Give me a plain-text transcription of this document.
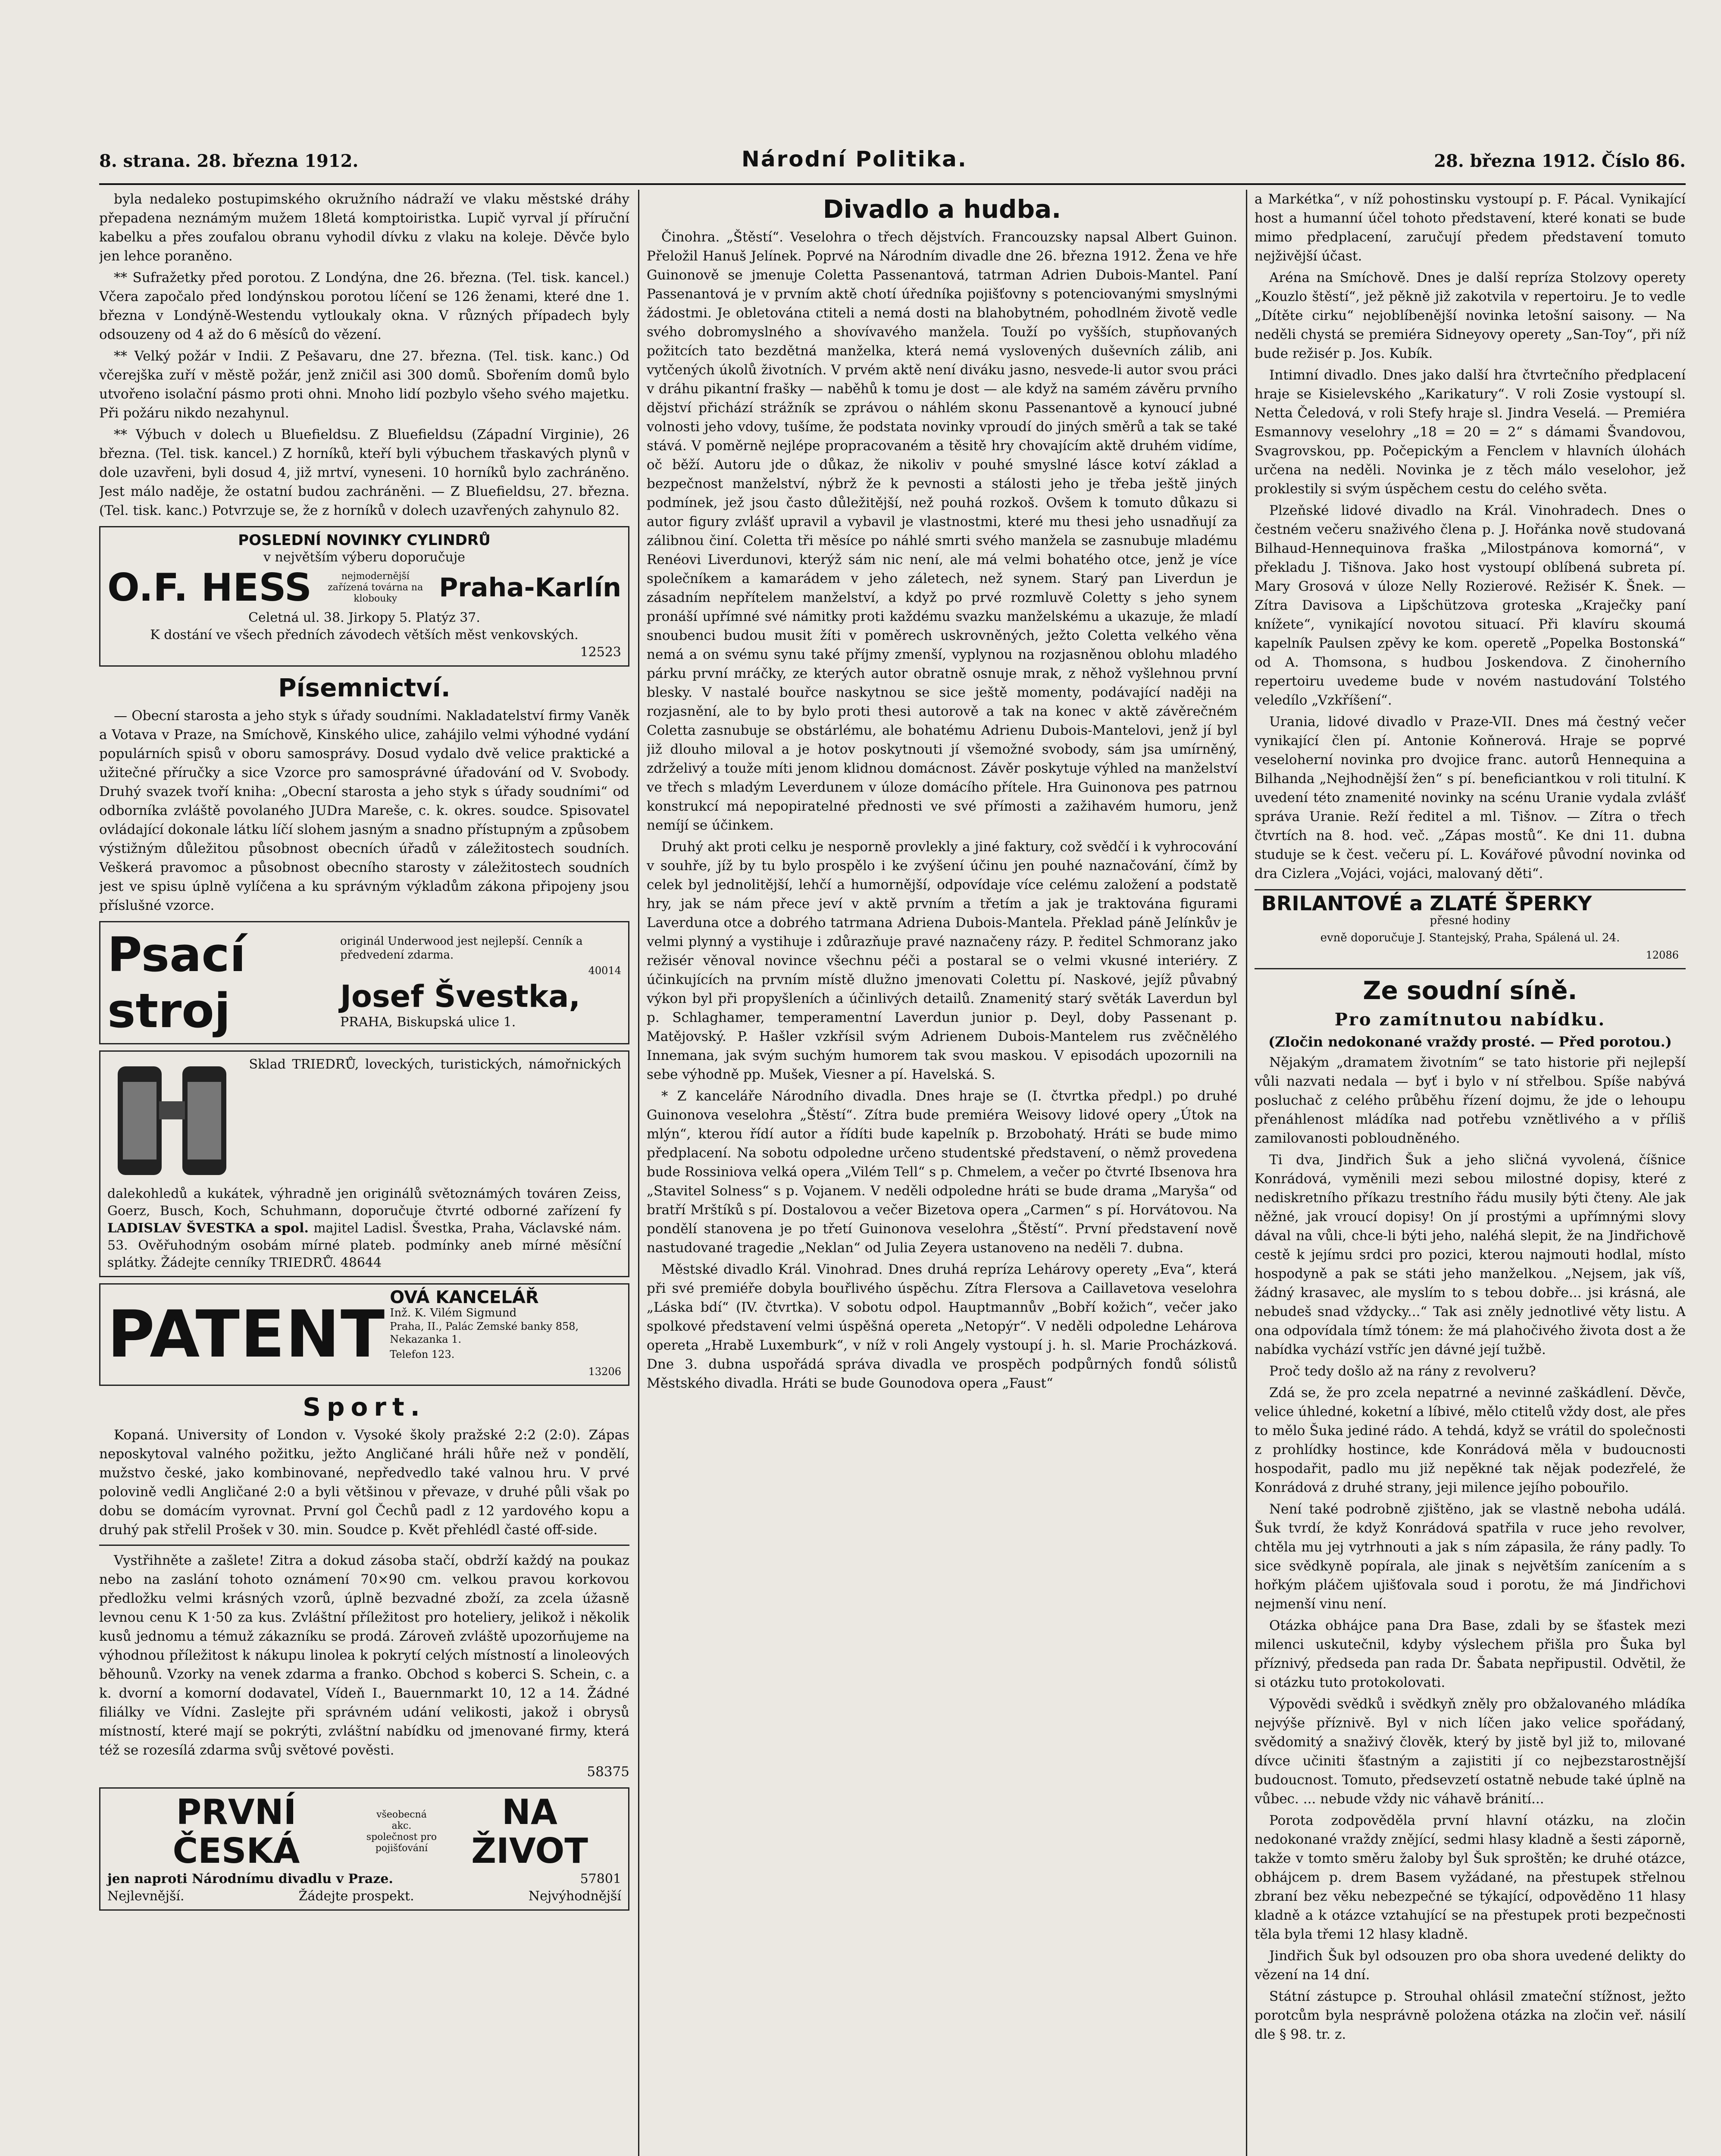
8. strana. 28. března 1912.	Národní Politika.	28. března 1912. Číslo 86.

byla nedaleko postupimského okružního nádraží ve vlaku městské dráhy přepadena neznámým mužem 18letá komptoiristka. Lupič vyrval jí příruční kabelku a přes zoufalou obranu vyhodil dívku z vlaku na koleje. Děvče bylo jen lehce poraněno.

** Sufražetky před porotou. Z Londýna, dne 26. března. (Tel. tisk. kancel.) Včera započalo před londýnskou porotou líčení se 126 ženami, které dne 1. března v Londýně-Westendu vytloukaly okna. V různých případech byly odsouzeny od 4 až do 6 měsíců do vězení.

** Velký požár v Indii. Z Pešavaru, dne 27. března. (Tel. tisk. kanc.) Od včerejška zuří v městě požár, jenž zničil asi 300 domů. Sbořením domů bylo utvořeno isolační pásmo proti ohni. Mnoho lidí pozbylo všeho svého majetku. Při požáru nikdo nezahynul.

** Výbuch v dolech u Bluefieldsu. Z Bluefieldsu (Západní Virginie), 26 března. (Tel. tisk. kancel.) Z horníků, kteří byli výbuchem třaskavých plynů v dole uzavřeni, byli dosud 4, již mrtví, vyneseni. 10 horníků bylo zachráněno. Jest málo naděje, že ostatní budou zachráněni. — Z Bluefieldsu, 27. března. (Tel. tisk. kanc.) Potvrzuje se, že z horníků v dolech uzavřených zahynulo 82.

POSLEDNÍ NOVINKY CYLINDRŮ
v největším výberu doporučuje
O.F. HESS	nejmodernější zařízená továrna na klobouky	Praha-Karlín
Celetná ul. 38. Jirkopy 5. Platýz 37.
K dostání ve všech předních závodech větších měst venkovských.
12523
Písemnictví.

— Obecní starosta a jeho styk s úřady soudními. Nakladatelství firmy Vaněk a Votava v Praze, na Smíchově, Kinského ulice, zahájilo velmi výhodné vydání populárních spisů v oboru samosprávy. Dosud vydalo dvě velice praktické a užitečné příručky a sice Vzorce pro samosprávné úřadování od V. Svobody. Druhý svazek tvoří kniha: „Obecní starosta a jeho styk s úřady soudními“ od odborníka zvláště povolaného JUDra Mareše, c. k. okres. soudce. Spisovatel ovládající dokonale látku líčí slohem jasným a snadno přístupným a způsobem výstižným důležitou působnost obecních úřadů v záležitostech soudních. Veškerá pravomoc a působnost obecního starosty v záležitostech soudních jest ve spisu úplně vylíčena a ku správným výkladům zákona připojeny jsou příslušné vzorce.

Psací stroj
originál Underwood jest nejlepší. Cenník a předvedení zdarma.
40014
Josef Švestka,
PRAHA, Biskupská ulice 1.
Sklad TRIEDRŮ, loveckých, turistických, námořnických dalekohledů a kukátek, výhradně jen originálů světoznámých továren Zeiss, Goerz, Busch, Koch, Schuhmann, doporučuje čtvrté odborné zařízení fy LADISLAV ŠVESTKA a spol. majitel Ladisl. Švestka, Praha, Václavské nám. 53. Ověřuhodným osobám mírné plateb. podmínky aneb mírné měsíční splátky. Žádejte cenníky TRIEDRŮ. 48644
PATENT OVÁ KANCELÁŘ
Inž. K. Vilém Sigmund
Praha, II., Palác Zemské banky 858, Nekazanka 1.
Telefon 123.
13206
Sport.

Kopaná. University of London v. Vysoké školy pražské 2:2 (2:0). Zápas neposkytoval valného požitku, ježto Angličané hráli hůře než v pondělí, mužstvo české, jako kombinované, nepředvedlo také valnou hru. V prvé polovině vedli Angličané 2:0 a byli většinou v převaze, v druhé půli však po dobu se domácím vyrovnat. První gol Čechů padl z 12 yardového kopu a druhý pak střelil Prošek v 30. min. Soudce p. Květ přehlédl časté off-side.

Vystřihněte a zašlete! Zitra a dokud zásoba stačí, obdrží každý na poukaz nebo na zaslání tohoto oznámení 70×90 cm. velkou pravou korkovou předložku velmi krásných vzorů, úplně bezvadné zboží, za zcela úžasně levnou cenu K 1·50 za kus. Zvláštní příležitost pro hoteliery, jelikož i několik kusů jednomu a témuž zákazníku se prodá. Zároveň zvláště upozorňujeme na výhodnou příležitost k nákupu linolea k pokrytí celých místností a linoleových běhounů. Vzorky na venek zdarma a franko. Obchod s koberci S. Schein, c. a k. dvorní a komorní dodavatel, Vídeň I., Bauernmarkt 10, 12 a 14. Žádné filiálky ve Vídni. Zaslejte při správném udání velikosti, jakož i obrysů místností, které mají se pokrýti, zvláštní nabídku od jmenované firmy, která též se rozesílá zdarma svůj světové pověsti.

58375
PRVNÍ ČESKÁ
všeobecná akc. společnost pro pojišťování
NA ŽIVOT
jen naproti Národnímu divadlu v Praze.	57801
Nejlevnější.	Žádejte prospekt.	Nejvýhodnější
Divadlo a hudba.

Činohra. „Štěstí“. Veselohra o třech dějstvích. Francouzsky napsal Albert Guinon. Přeložil Hanuš Jelínek. Poprvé na Národním divadle dne 26. března 1912. Žena ve hře Guinonově se jmenuje Coletta Passenantová, tatrman Adrien Dubois-Mantel. Paní Passenantová je v prvním aktě chotí úředníka pojišťovny s potenciovanými smyslnými žádostmi. Je obletována ctiteli a nemá dosti na blahobytném, pohodlném životě vedle svého dobromyslného a shovívavého manžela. Touží po vyšších, stupňovaných požitcích tato bezdětná manželka, která nemá vyslovených duševních zálib, ani vytčených úkolů životních. V prvém aktě není diváku jasno, nesvede-li autor svou práci v dráhu pikantní frašky — naběhů k tomu je dost — ale když na samém závěru prvního dějství přichází strážník se zprávou o náhlém skonu Passenantově a kynoucí jubné volnosti jeho vdovy, tušíme, že podstata novinky vproudí do jiných směrů a tak se také stává. V poměrně nejlépe propracovaném a těsitě hry chovajícím aktě druhém vidíme, oč běží. Autoru jde o důkaz, že nikoliv v pouhé smyslné lásce kotví základ a bezpečnost manželství, nýbrž že k pevnosti a stálosti jeho je třeba ještě jiných podmínek, jež jsou často důležitější, než pouhá rozkoš. Ovšem k tomuto důkazu si autor figury zvlášť upravil a vybavil je vlastnostmi, které mu thesi jeho usnadňují za zálibnou činí. Coletta tři měsíce po náhlé smrti svého manžela se zasnubuje mladému Renéovi Liverdunovi, kterýž sám nic není, ale má velmi bohatého otce, jenž je více společníkem a kamarádem v jeho záletech, než synem. Starý pan Liverdun je zásadním nepřítelem manželství, a když po prvé rozmluvě Coletty s jeho synem pronáší upřímné své námitky proti každému svazku manželskému a ukazuje, že mladí snoubenci budou musit žíti v poměrech uskrovněných, ježto Coletta velkého věna nemá a on svému synu také příjmy zmenší, vyplynou na rozjasněnou oblohu mladého párku první mráčky, ze kterých autor obratně osnuje mrak, z něhož vyšlehnou první blesky. V nastalé bouřce naskytnou se sice ještě momenty, podávající naději na rozjasnění, ale to by bylo proti thesi autorově a tak na konec v aktě závěrečném Coletta zasnubuje se obstárlému, ale bohatému Adrienu Dubois-Mantelovi, jenž jí byl již dlouho miloval a je hotov poskytnouti jí všemožné svobody, sám jsa umírněný, zdrželivý a touže míti jenom klidnou domácnost. Závěr poskytuje výhled na manželství ve třech s mladým Leverdunem v úloze domácího přítele. Hra Guinonova pes patrnou konstrukcí má nepopiratelné přednosti ve své přímosti a zažihavém humoru, jenž nemíjí se účinkem.

Druhý akt proti celku je nesporně provlekly a jiné faktury, což svědčí i k vyhrocování v souhře, jíž by tu bylo prospělo i ke zvýšení účinu jen pouhé naznačování, čímž by celek byl jednolitější, lehčí a humornější, odpovídaje více celému založení a podstatě hry, jak se nám přece jeví v aktě prvním a třetím a jak je traktována figurami Laverduna otce a dobrého tatrmana Adriena Dubois-Mantela. Překlad páně Jelínkův je velmi plynný a vystihuje i zdůrazňuje pravé naznačeny rázy. P. ředitel Schmoranz jako režisér věnoval novince všechnu péči a postaral se o velmi vkusné interiéry. Z účinkujících na prvním místě dlužno jmenovati Colettu pí. Naskové, jejíž půvabný výkon byl při propyšleních a účinlivých detailů. Znamenitý starý světák Laverdun byl p. Schlaghamer, temperamentní Laverdun junior p. Deyl, doby Passenant p. Matějovský. P. Hašler vzkřísil svým Adrienem Dubois-Mantelem rus zvěčnělého Innemana, jak svým suchým humorem tak svou maskou. V episodách upozornili na sebe výhodně pp. Mušek, Viesner a pí. Havelská. S.

* Z kanceláře Národního divadla. Dnes hraje se (I. čtvrtka předpl.) po druhé Guinonova veselohra „Štěstí“. Zítra bude premiéra Weisovy lidové opery „Útok na mlýn“, kterou řídí autor a řídíti bude kapelník p. Brzobohatý. Hráti se bude mimo předplacení. Na sobotu odpoledne určeno studentské představení, o němž provedena bude Rossiniova velká opera „Vilém Tell“ s p. Chmelem, a večer po čtvrté Ibsenova hra „Stavitel Solness“ s p. Vojanem. V neděli odpoledne hráti se bude drama „Maryša“ od bratří Mrštíků s pí. Dostalovou a večer Bizetova opera „Carmen“ s pí. Horvátovou. Na pondělí stanovena je po třetí Guinonova veselohra „Štěstí“. První představení nově nastudované tragedie „Neklan“ od Julia Zeyera ustanoveno na neděli 7. dubna.

Městské divadlo Král. Vinohrad. Dnes druhá repríza Lehárovy operety „Eva“, která při své premiéře dobyla bouřlivého úspěchu. Zítra Flersova a Caillavetova veselohra „Láska bdí“ (IV. čtvrtka). V sobotu odpol. Hauptmannův „Bobří kožich“, večer jako spolkové představení velmi úspěšná opereta „Netopýr“. V neděli odpoledne Lehárova opereta „Hrabě Luxemburk“, v níž v roli Angely vystoupí j. h. sl. Marie Procházková. Dne 3. dubna uspořádá správa divadla ve prospěch podpůrných fondů sólistů Městského divadla. Hráti se bude Gounodova opera „Faust“

a Markétka“, v níž pohostinsku vystoupí p. F. Pácal. Vynikající host a humanní účel tohoto představení, které konati se bude mimo předplacení, zaručují předem představení tomuto nejživější účast.

Aréna na Smíchově. Dnes je další repríza Stolzovy operety „Kouzlo štěstí“, jež pěkně již zakotvila v repertoiru. Je to vedle „Dítěte cirku“ nejoblíbenější novinka letošní saisony. — Na neděli chystá se premiéra Sidneyovy operety „San-Toy“, při níž bude režisér p. Jos. Kubík.

Intimní divadlo. Dnes jako další hra čtvrtečního předplacení hraje se Kisielevského „Karikatury“. V roli Zosie vystoupí sl. Netta Čeledová, v roli Stefy hraje sl. Jindra Veselá. — Premiéra Esmannovy veselohry „18 = 20 = 2“ s dámami Švandovou, Svagrovskou, pp. Počepickým a Fenclem v hlavních úlohách určena na neděli. Novinka je z těch málo veselohor, jež proklestily si svým úspěchem cestu do celého světa.

Plzeňské lidové divadlo na Král. Vinohradech. Dnes o čestném večeru snaživého člena p. J. Hořánka nově studovaná Bilhaud-Hennequinova fraška „Milostpánova komorná“, v překladu J. Tišnova. Jako host vystoupí oblíbená subreta pí. Mary Grosová v úloze Nelly Rozierové. Režisér K. Šnek. — Zítra Davisova a Lipšchützova groteska „Kraječky paní knížete“, vynikající novotou situací. Při klavíru skoumá kapelník Paulsen zpěvy ke kom. operetě „Popelka Bostonská“ od A. Thomsona, s hudbou Joskendova. Z činoherního repertoiru uvedeme bude v novém nastudování Tolstého veledílo „Vzkříšení“.

Urania, lidové divadlo v Praze-VII. Dnes má čestný večer vynikající člen pí. Antonie Koňnerová. Hraje se poprvé veseloherní novinka pro dvojice franc. autorů Hennequina a Bilhanda „Nejhodnější žen“ s pí. beneficiantkou v roli titulní. K uvedení této znamenité novinky na scénu Uranie vydala zvlášť správa Uranie. Reží ředitel a ml. Tišnov. — Zítra o třech čtvrtích na 8. hod. več. „Zápas mostů“. Ke dni 11. dubna studuje se k čest. večeru pí. L. Kovářové původní novinka od dra Cizlera „Vojáci, vojáci, malovaný děti“.

BRILANTOVÉ a ZLATÉ ŠPERKY
přesné hodiny
evně doporučuje J. Stantejský, Praha, Spálená ul. 24.
12086
Ze soudní síně.
Pro zamítnutou nabídku.
(Zločin nedokonané vraždy prosté. — Před porotou.)

Nějakým „dramatem životním“ se tato historie při nejlepší vůli nazvati nedala — byť i bylo v ní střelbou. Spíše nabývá posluchač z celého průběhu řízení dojmu, že jde o lehoupu přenáhlenost mládíka nad potřebu vznětlivého a v příliš zamilovanosti pobloudněného.

Ti dva, Jindřich Šuk a jeho sličná vyvolená, číšnice Konrádová, vyměnili mezi sebou milostné dopisy, které z nediskretního příkazu trestního řádu musily býti čteny. Ale jak něžné, jak vroucí dopisy! On jí prostými a upřímnými slovy dával na vůli, chce-li býti jeho, naléhá slepit, že na Jindřichově cestě k jejímu srdci pro pozici, kterou najmouti hodlal, místo hospodyně a pak se státi jeho manželkou. „Nejsem, jak víš, žádný krasavec, ale myslím to s tebou dobře... jsi krásná, ale nebudeš snad vždycky...“ Tak asi zněly jednotlivé věty listu. A ona odpovídala tímž tónem: že má plahočivého života dost a že nabídka vychází vstříc jen dávné její tužbě.

Proč tedy došlo až na rány z revolveru?

Zdá se, že pro zcela nepatrné a nevinné zaškádlení. Děvče, velice úhledné, koketní a líbivé, mělo ctitelů vždy dost, ale přes to mělo Šuka jediné rádo. A tehdá, když se vrátil do společnosti z prohlídky hostince, kde Konrádová měla v budoucnosti hospodařit, padlo mu již nepěkné tak nějak podezřelé, že Konrádová z druhé strany, jeji milence jejího pobouřilo.

Není také podrobně zjištěno, jak se vlastně neboha událá. Šuk tvrdí, že když Konrádová spatřila v ruce jeho revolver, chtěla mu jej vytrhnouti a jak s ním zápasila, že rány padly. To sice svědkyně popírala, ale jinak s největším zanícením a s hořkým pláčem ujišťovala soud i porotu, že má Jindřichovi nejmenší vinu není.

Otázka obhájce pana Dra Base, zdali by se šťastek mezi milenci uskutečnil, kdyby výslechem přišla pro Šuka byl příznivý, předseda pan rada Dr. Šabata nepřipustil. Odvětil, že si otázku tuto protokolovati.

Výpovědi svědků i svědkyň zněly pro obžalovaného mládíka nejvýše příznivě. Byl v nich líčen jako velice spořádaný, svědomitý a snaživý člověk, který by jistě byl již to, milované dívce učiniti šťastným a zajistiti jí co nejbezstarostnější budoucnost. Tomuto, předsevzetí ostatně nebude také úplně na vůbec. ... nebude vždy nic váhavě bránití...

Porota zodpověděla první hlavní otázku, na zločin nedokonané vraždy znějící, sedmi hlasy kladně a šesti záporně, takže v tomto směru žaloby byl Šuk sproštěn; ke druhé otázce, obhájcem p. drem Basem vyžádané, na přestupek střelnou zbraní bez věku nebezpečné se týkající, odpověděno 11 hlasy kladně a k otázce vztahující se na přestupek proti bezpečnosti těla byla třemi 12 hlasy kladně.

Jindřich Šuk byl odsouzen pro oba shora uvedené delikty do vězení na 14 dní.

Státní zástupce p. Strouhal ohlásil zmateční stížnost, ježto porotcům byla nesprávně položena otázka na zločin veř. násilí dle § 98. tr. z.
